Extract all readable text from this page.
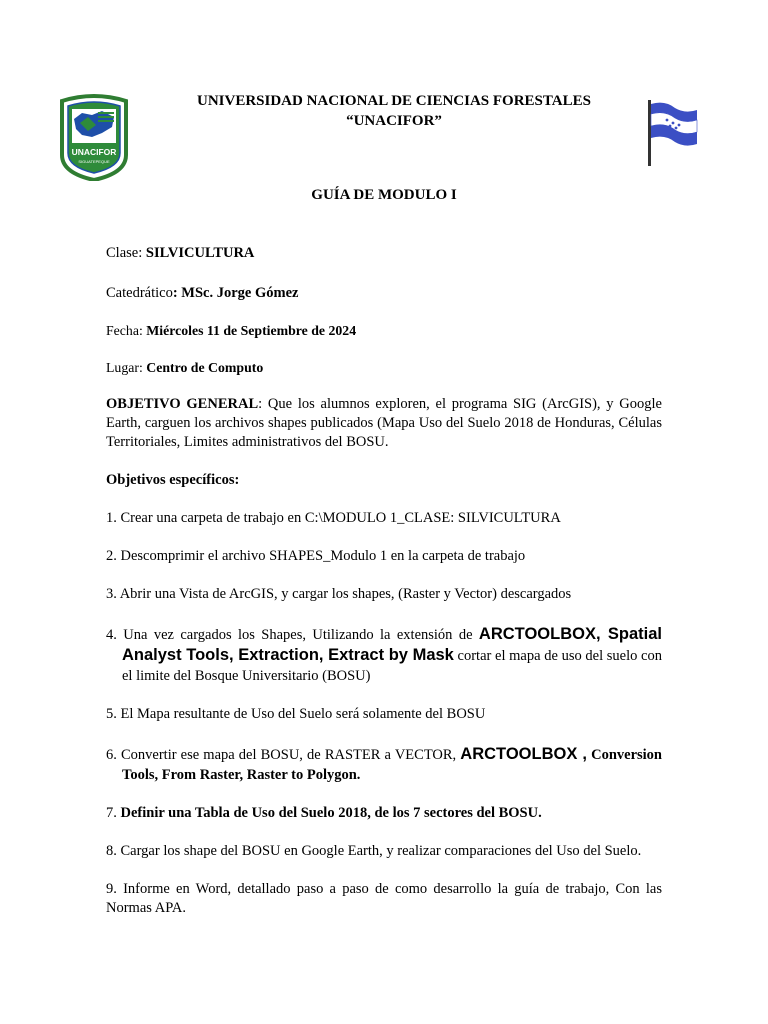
UNACIFOR
SIGUATEPEQUE
UNIVERSIDAD NACIONAL DE CIENCIAS FORESTALES
“UNACIFOR”
GUÍA DE MODULO I

Clase: SILVICULTURA

Catedrático: MSc. Jorge Gómez

Fecha: Miércoles 11 de Septiembre de 2024

Lugar: Centro de Computo

OBJETIVO GENERAL: Que los alumnos exploren, el programa SIG (ArcGIS), y Google Earth, carguen los archivos shapes publicados (Mapa Uso del Suelo 2018 de Honduras, Células Territoriales, Limites administrativos del BOSU.

Objetivos específicos:

1. Crear una carpeta de trabajo en C:\MODULO 1_CLASE: SILVICULTURA
2. Descomprimir el archivo SHAPES_Modulo 1 en la carpeta de trabajo
3. Abrir una Vista de ArcGIS, y cargar los shapes, (Raster y Vector) descargados
4. Una vez cargados los Shapes, Utilizando la extensión de ARCTOOLBOX, Spatial Analyst Tools, Extraction, Extract by Mask cortar el mapa de uso del suelo con el limite del Bosque Universitario (BOSU)
5. El Mapa resultante de Uso del Suelo será solamente del BOSU
6. Convertir ese mapa del BOSU, de RASTER a VECTOR, ARCTOOLBOX , Conversion Tools, From Raster, Raster to Polygon.
7. Definir una Tabla de Uso del Suelo 2018, de los 7 sectores del BOSU.
8. Cargar los shape del BOSU en Google Earth, y realizar comparaciones del Uso del Suelo.
9. Informe en Word, detallado paso a paso de como desarrollo la guía de trabajo, Con las Normas APA.
